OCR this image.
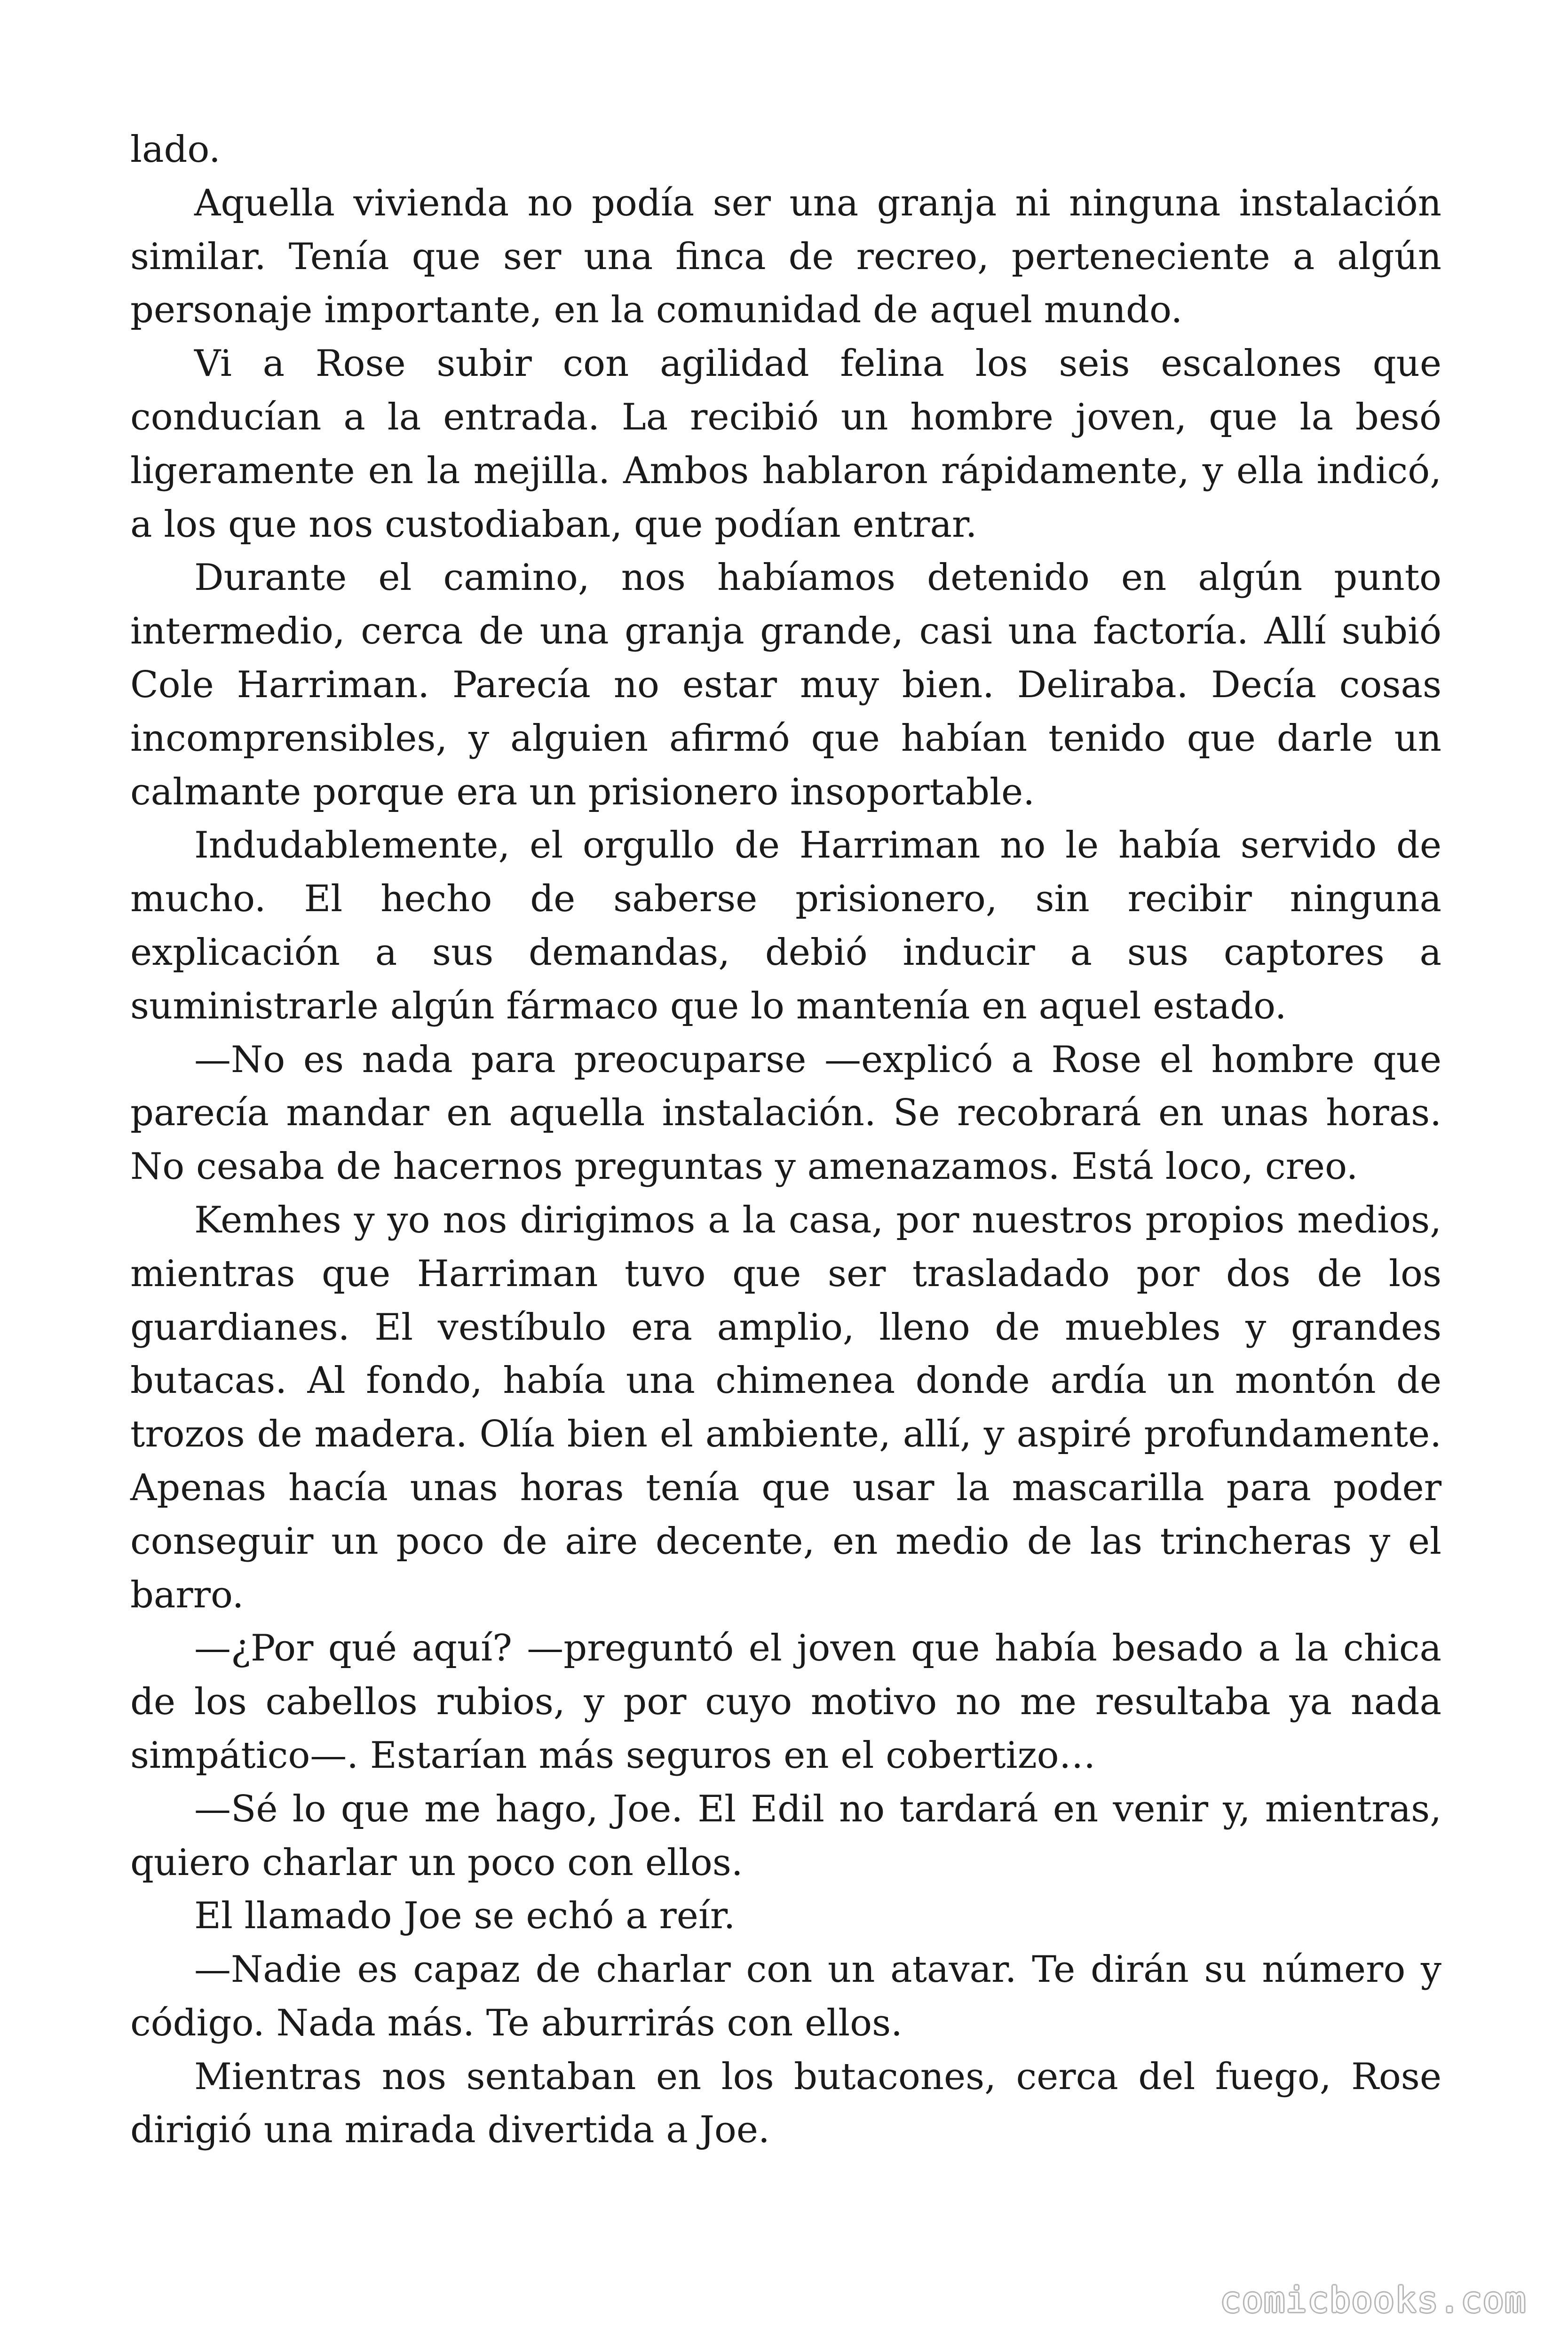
lado.

Aquella vivienda no podía ser una granja ni ninguna instalación similar. Tenía que ser una finca de recreo, perteneciente a algún personaje importante, en la comunidad de aquel mundo.

Vi a Rose subir con agilidad felina los seis escalones que conducían a la entrada. La recibió un hombre joven, que la besó ligeramente en la mejilla. Ambos hablaron rápidamente, y ella indicó, a los que nos custodiaban, que podían entrar.

Durante el camino, nos habíamos detenido en algún punto intermedio, cerca de una granja grande, casi una factoría. Allí subió Cole Harriman. Parecía no estar muy bien. Deliraba. Decía cosas incomprensibles, y alguien afirmó que habían tenido que darle un calmante porque era un prisionero insoportable.

Indudablemente, el orgullo de Harriman no le había servido de mucho. El hecho de saberse prisionero, sin recibir ninguna explicación a sus demandas, debió inducir a sus captores a suministrarle algún fármaco que lo mantenía en aquel estado.

—No es nada para preocuparse —explicó a Rose el hombre que parecía mandar en aquella instalación. Se recobrará en unas horas. No cesaba de hacernos preguntas y amenazamos. Está loco, creo.

Kemhes y yo nos dirigimos a la casa, por nuestros propios medios, mientras que Harriman tuvo que ser trasladado por dos de los guardianes. El vestíbulo era amplio, lleno de muebles y grandes butacas. Al fondo, había una chimenea donde ardía un montón de trozos de madera. Olía bien el ambiente, allí, y aspiré profundamente. Apenas hacía unas horas tenía que usar la mascarilla para poder conseguir un poco de aire decente, en medio de las trincheras y el barro.

—¿Por qué aquí? —preguntó el joven que había besado a la chica de los cabellos rubios, y por cuyo motivo no me resultaba ya nada simpático—. Estarían más seguros en el cobertizo…

—Sé lo que me hago, Joe. El Edil no tardará en venir y, mientras, quiero charlar un poco con ellos.

El llamado Joe se echó a reír.

—Nadie es capaz de charlar con un atavar. Te dirán su número y código. Nada más. Te aburrirás con ellos.

Mientras nos sentaban en los butacones, cerca del fuego, Rose dirigió una mirada divertida a Joe.

comicbooks.com
